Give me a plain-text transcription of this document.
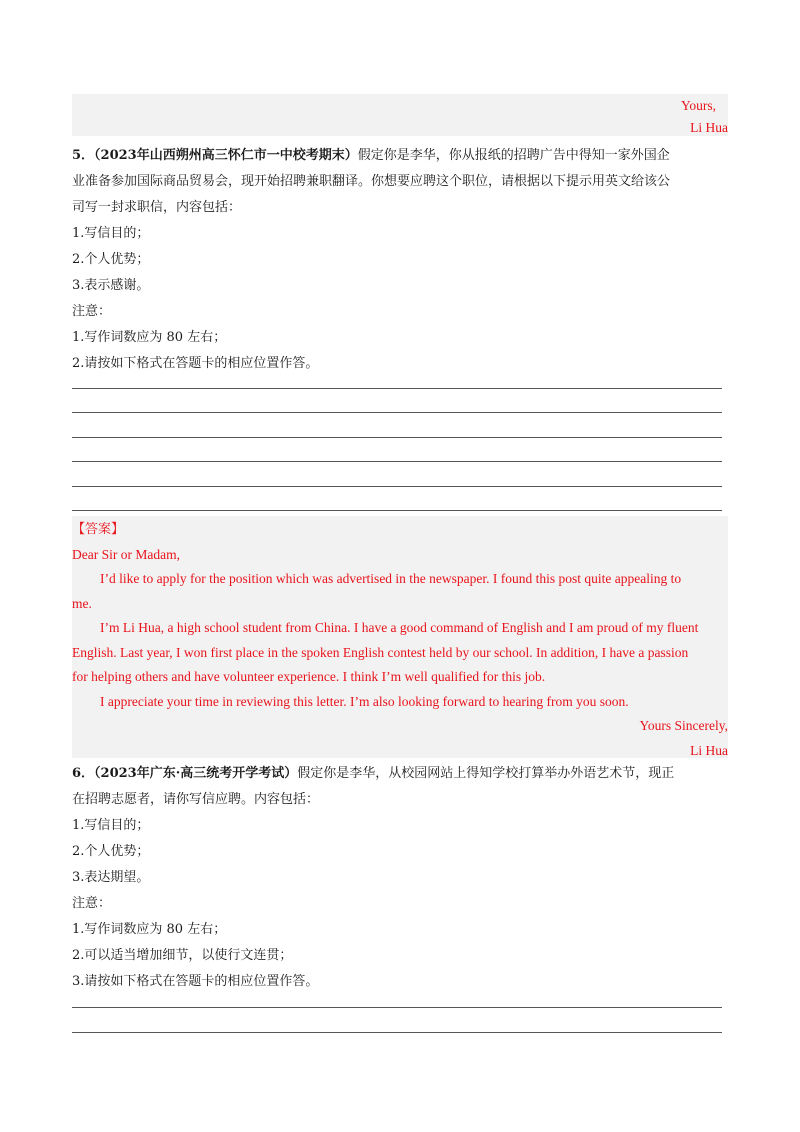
Yours,
Li Hua
5．（2023年山西朔州高三怀仁市一中校考期末）假定你是李华，你从报纸的招聘广告中得知一家外国企
业准备参加国际商品贸易会，现开始招聘兼职翻译。你想要应聘这个职位，请根据以下提示用英文给该公
司写一封求职信，内容包括：
1.写信目的；
2.个人优势；
3.表示感谢。
注意：
1.写作词数应为 80 左右；
2.请按如下格式在答题卡的相应位置作答。
【答案】
Dear Sir or Madam,
I’d like to apply for the position which was advertised in the newspaper. I found this post quite appealing to
me.
I’m Li Hua, a high school student from China. I have a good command of English and I am proud of my fluent
English. Last year, I won first place in the spoken English contest held by our school. In addition, I have a passion
for helping others and have volunteer experience. I think I’m well qualified for this job.
I appreciate your time in reviewing this letter. I’m also looking forward to hearing from you soon.
Yours Sincerely,
Li Hua
6．（2023年广东·高三统考开学考试）假定你是李华，从校园网站上得知学校打算举办外语艺术节，现正
在招聘志愿者，请你写信应聘。内容包括：
1.写信目的；
2.个人优势；
3.表达期望。
注意：
1.写作词数应为 80 左右；
2.可以适当增加细节，以使行文连贯；
3.请按如下格式在答题卡的相应位置作答。
